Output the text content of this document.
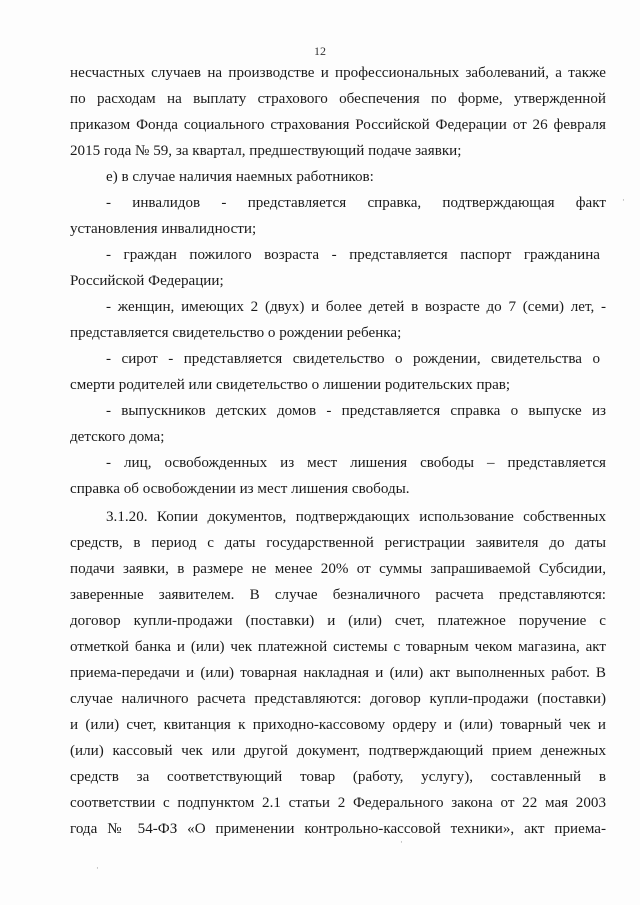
12
несчастных случаев на производстве и профессиональных заболеваний, а также
по расходам на выплату страхового обеспечения по форме, утвержденной
приказом Фонда социального страхования Российской Федерации от 26 февраля
2015 года № 59, за квартал, предшествующий подаче заявки;
е) в случае наличия наемных работников:
- инвалидов - представляется справка, подтверждающая факт
установления инвалидности;
- граждан пожилого возраста - представляется паспорт гражданина
Российской Федерации;
- женщин, имеющих 2 (двух) и более детей в возрасте до 7 (семи) лет, -
представляется свидетельство о рождении ребенка;
- сирот - представляется свидетельство о рождении, свидетельства о
смерти родителей или свидетельство о лишении родительских прав;
- выпускников детских домов - представляется справка о выпуске из
детского дома;
- лиц, освобожденных из мест лишения свободы – представляется
справка об освобождении из мест лишения свободы.
3.1.20. Копии документов, подтверждающих использование собственных
средств, в период с даты государственной регистрации заявителя до даты
подачи заявки, в размере не менее 20% от суммы запрашиваемой Субсидии,
заверенные заявителем. В случае безналичного расчета представляются:
договор купли-продажи (поставки) и (или) счет, платежное поручение с
отметкой банка и (или) чек платежной системы с товарным чеком магазина, акт
приема-передачи и (или) товарная накладная и (или) акт выполненных работ. В
случае наличного расчета представляются: договор купли-продажи (поставки)
и (или) счет, квитанция к приходно-кассовому ордеру и (или) товарный чек и
(или) кассовый чек или другой документ, подтверждающий прием денежных
средств за соответствующий товар (работу, услугу), составленный в
соответствии с подпунктом 2.1 статьи 2 Федерального закона от 22 мая 2003
года № 54-ФЗ «О применении контрольно-кассовой техники», акт приема-
·
·
·
